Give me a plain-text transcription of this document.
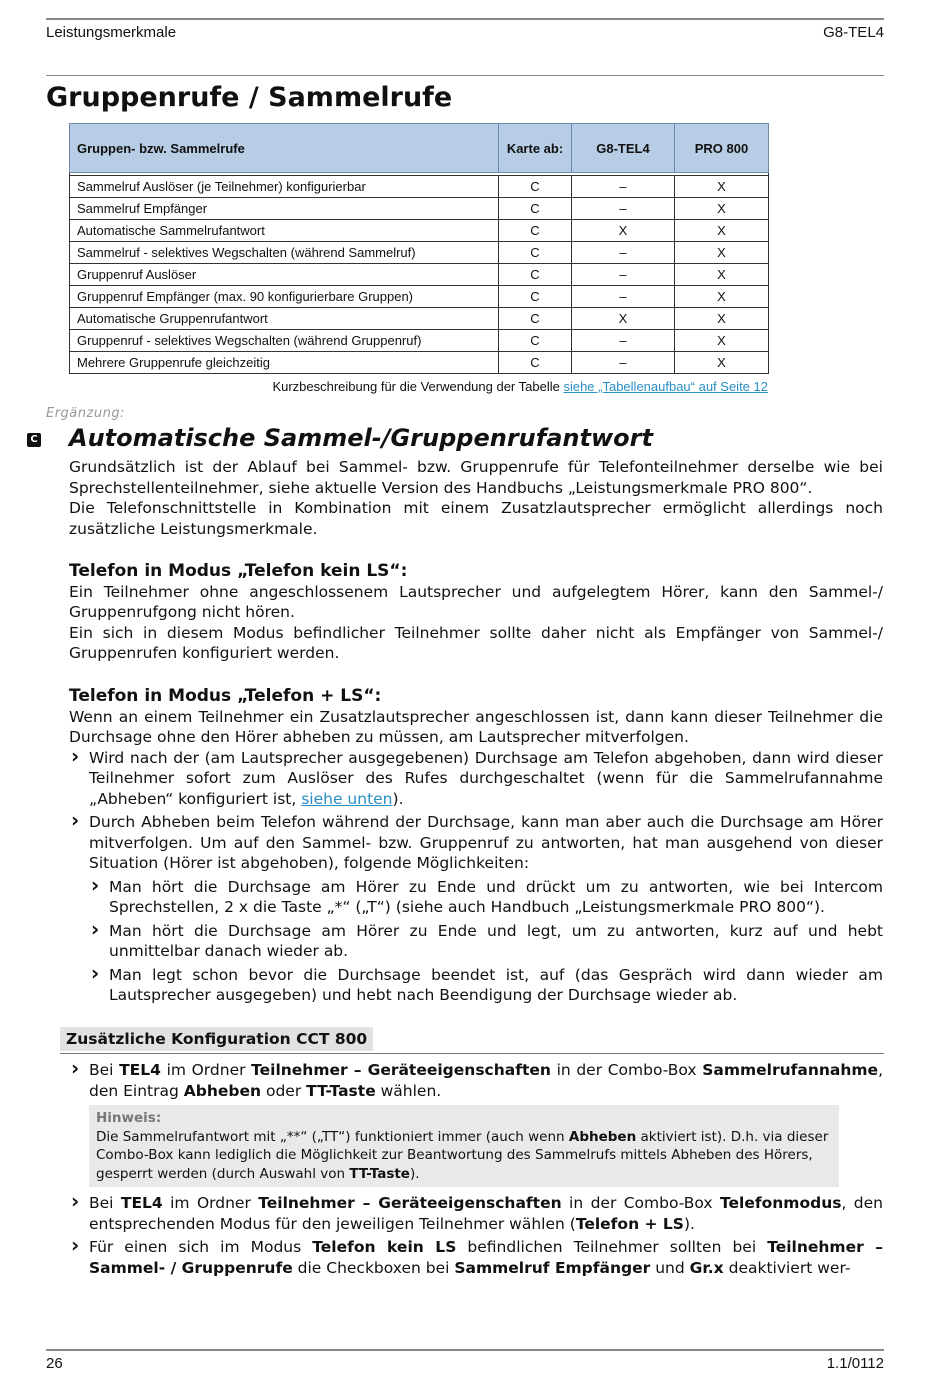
Leistungsmerkmale	G8-TEL4
Gruppenrufe / Sammelrufe
Gruppen- bzw. Sammelrufe	Karte ab:	G8-TEL4	PRO 800

Sammelruf Auslöser (je Teilnehmer) konfigurierbar	C	–	X
Sammelruf Empfänger	C	–	X
Automatische Sammelrufantwort	C	X	X
Sammelruf - selektives Wegschalten (während Sammelruf)	C	–	X
Gruppenruf Auslöser	C	–	X
Gruppenruf Empfänger (max. 90 konfigurierbare Gruppen)	C	–	X
Automatische Gruppenrufantwort	C	X	X
Gruppenruf - selektives Wegschalten (während Gruppenruf)	C	–	X
Mehrere Gruppenrufe gleichzeitig	C	–	X
Kurzbeschreibung für die Verwendung der Tabelle siehe „Tabellenaufbau“ auf Seite 12
Ergänzung:
C Automatische Sammel-/Gruppenrufantwort

Grundsätzlich ist der Ablauf bei Sammel- bzw. Gruppenrufe für Telefonteilnehmer derselbe wie bei Sprechstellenteilnehmer, siehe aktuelle Version des Handbuchs „Leistungsmerkmale PRO 800“.

Die Telefonschnittstelle in Kombination mit einem Zusatzlautsprecher ermöglicht allerdings noch zusätzliche Leistungsmerkmale.

Telefon in Modus „Telefon kein LS“:

Ein Teilnehmer ohne angeschlossenem Lautsprecher und aufgelegtem Hörer, kann den Sammel-/ Gruppenrufgong nicht hören.

Ein sich in diesem Modus befindlicher Teilnehmer sollte daher nicht als Empfänger von Sammel-/ Gruppenrufen konfiguriert werden.

Telefon in Modus „Telefon + LS“:

Wenn an einem Teilnehmer ein Zusatzlautsprecher angeschlossen ist, dann kann dieser Teilnehmer die Durchsage ohne den Hörer abheben zu müssen, am Lautsprecher mitverfolgen.

› Wird nach der (am Lautsprecher ausgegebenen) Durchsage am Telefon abgehoben, dann wird dieser Teilnehmer sofort zum Auslöser des Rufes durchgeschaltet (wenn für die Sammelrufannahme „Abheben“ konfiguriert ist, siehe unten).
› Durch Abheben beim Telefon während der Durchsage, kann man aber auch die Durchsage am Hörer mitverfolgen. Um auf den Sammel- bzw. Gruppenruf zu antworten, hat man ausgehend von dieser Situation (Hörer ist abgehoben), folgende Möglichkeiten:
› Man hört die Durchsage am Hörer zu Ende und drückt um zu antworten, wie bei Intercom Sprechstellen, 2 x die Taste „*“ („T“) (siehe auch Handbuch „Leistungsmerkmale PRO 800“).
› Man hört die Durchsage am Hörer zu Ende und legt, um zu antworten, kurz auf und hebt unmittelbar danach wieder ab.
› Man legt schon bevor die Durchsage beendet ist, auf (das Gespräch wird dann wieder am Lautsprecher ausgegeben) und hebt nach Beendigung der Durchsage wieder ab.
Zusätzliche Konfiguration CCT 800
› Bei TEL4 im Ordner Teilnehmer – Geräteeigenschaften in der Combo-Box Sammelrufannahme, den Eintrag Abheben oder TT-Taste wählen.
Hinweis:
Die Sammelrufantwort mit „**“ („TT“) funktioniert immer (auch wenn Abheben aktiviert ist). D.h. via dieser Combo-Box kann lediglich die Möglichkeit zur Beantwortung des Sammelrufs mittels Abheben des Hörers, gesperrt werden (durch Auswahl von TT-Taste).
› Bei TEL4 im Ordner Teilnehmer – Geräteeigenschaften in der Combo-Box Telefonmodus, den entsprechenden Modus für den jeweiligen Teilnehmer wählen (Telefon + LS).
› Für einen sich im Modus Telefon kein LS befindlichen Teilnehmer sollten bei Teilnehmer – Sammel- / Gruppenrufe die Checkboxen bei Sammelruf Empfänger und Gr.x deaktiviert wer-
26	1.1/0112
